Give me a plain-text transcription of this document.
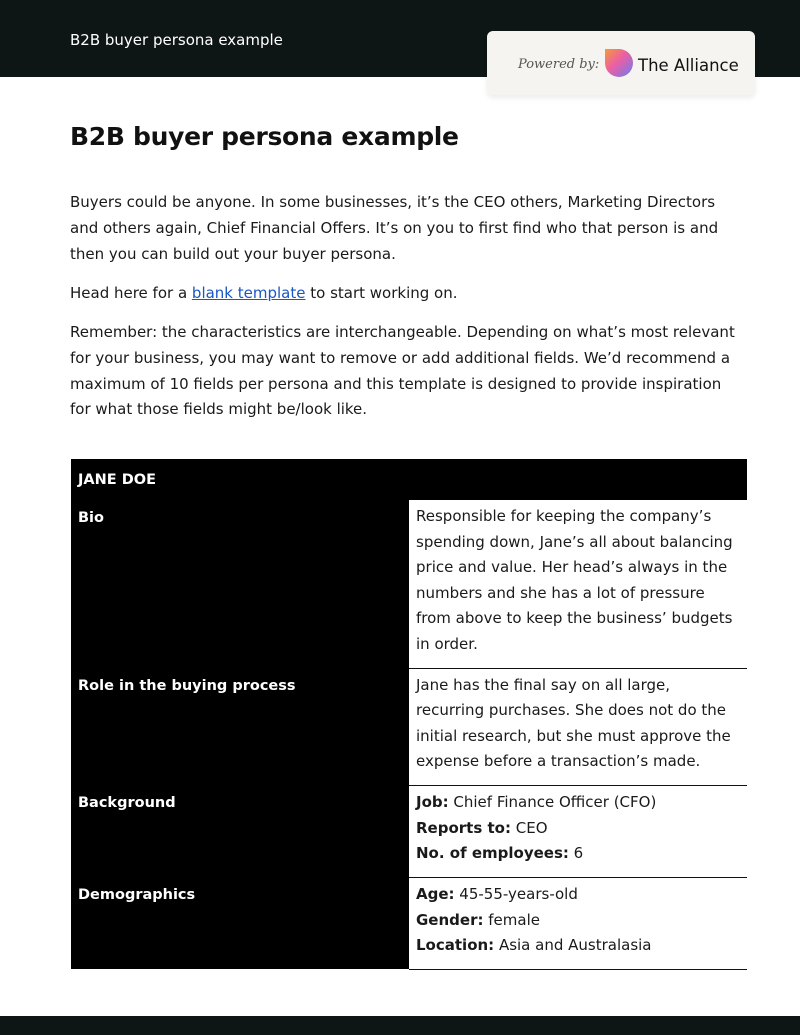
B2B buyer persona example
Powered by: The Alliance
B2B buyer persona example

Buyers could be anyone. In some businesses, it’s the CEO others, Marketing Directors and others again, Chief Financial Offers. It’s on you to first find who that person is and then you can build out your buyer persona.

Head here for a blank template to start working on.

Remember: the characteristics are interchangeable. Depending on what’s most relevant for your business, you may want to remove or add additional fields. We’d recommend a maximum of 10 fields per persona and this template is designed to provide inspiration for what those fields might be/look like.

JANE DOE	
Bio	Responsible for keeping the company’s spending down, Jane’s all about balancing price and value. Her head’s always in the numbers and she has a lot of pressure from above to keep the business’ budgets in order.
Role in the buying process	Jane has the final say on all large, recurring purchases. She does not do the initial research, but she must approve the expense before a transaction’s made.
Background	Job: Chief Finance Officer (CFO)
Reports to: CEO
No. of employees: 6

Demographics	Age: 45-55-years-old
Gender: female
Location: Asia and Australasia
